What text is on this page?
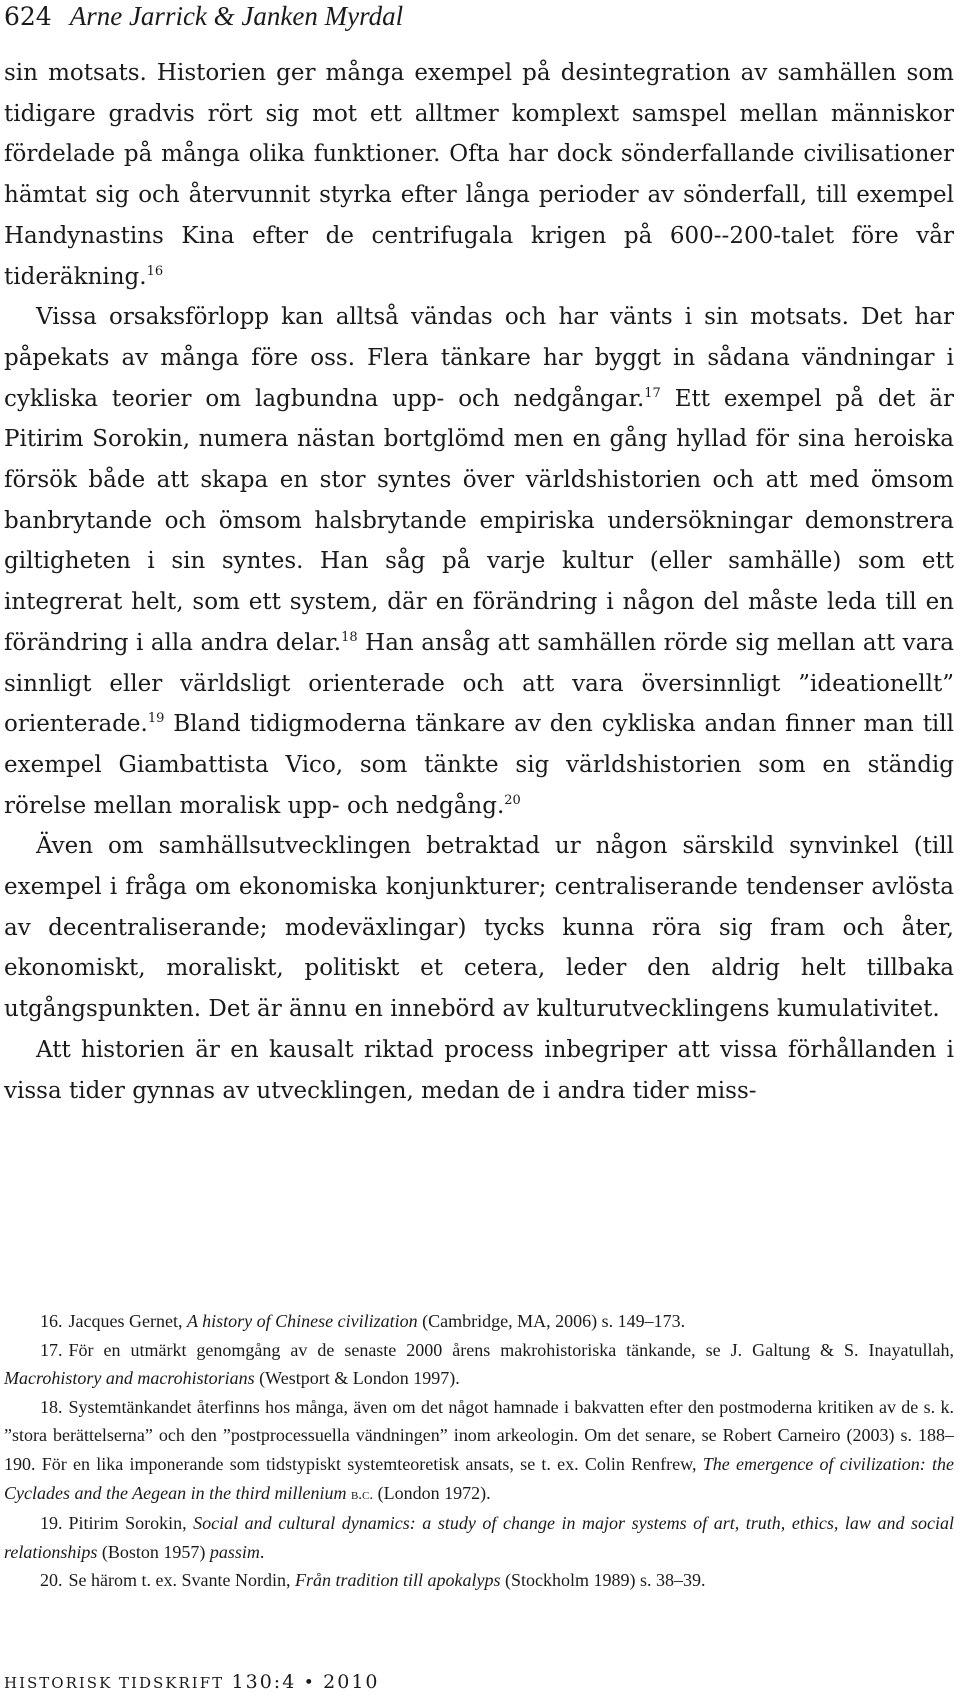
624 Arne Jarrick & Janken Myrdal

sin motsats. Historien ger många exempel på desintegration av samhällen som tidigare gradvis rört sig mot ett alltmer komplext samspel mellan människor fördelade på många olika funktioner. Ofta har dock sönderfallande civilisationer hämtat sig och återvunnit styrka efter långa perioder av sönderfall, till exempel Handynastins Kina efter de centrifugala krigen på 600--200-talet före vår tideräkning.$^{16}$

Vissa orsaksförlopp kan alltså vändas och har vänts i sin motsats. Det har påpekats av många före oss. Flera tänkare har byggt in sådana vändningar i cykliska teorier om lagbundna upp- och nedgångar.$^{17}$ Ett exempel på det är Pitirim Sorokin, numera nästan bortglömd men en gång hyllad för sina heroiska försök både att skapa en stor syntes över världshistorien och att med ömsom banbrytande och ömsom halsbrytande empiriska undersökningar demonstrera giltigheten i sin syntes. Han såg på varje kultur (eller samhälle) som ett integrerat helt, som ett system, där en förändring i någon del måste leda till en förändring i alla andra delar.$^{18}$ Han ansåg att samhällen rörde sig mellan att vara sinnligt eller världsligt orienterade och att vara översinnligt ”ideationellt” orienterade.$^{19}$ Bland tidigmoderna tänkare av den cykliska andan finner man till exempel Giambattista Vico, som tänkte sig världshistorien som en ständig rörelse mellan moralisk upp- och nedgång.$^{20}$

Även om samhällsutvecklingen betraktad ur någon särskild synvinkel (till exempel i fråga om ekonomiska konjunkturer; centraliserande tendenser avlösta av decentraliserande; modeväxlingar) tycks kunna röra sig fram och åter, ekonomiskt, moraliskt, politiskt et cetera, leder den aldrig helt tillbaka utgångspunkten. Det är ännu en innebörd av kulturutvecklingens kumulativitet.

Att historien är en kausalt riktad process inbegriper att vissa förhållanden i vissa tider gynnas av utvecklingen, medan de i andra tider miss-

16. Jacques Gernet, A history of Chinese civilization (Cambridge, MA, 2006) s. 149–173.

17. För en utmärkt genomgång av de senaste 2000 årens makrohistoriska tänkande, se J. Galtung & S. Inayatullah, Macrohistory and macrohistorians (Westport & London 1997).

18. Systemtänkandet återfinns hos många, även om det något hamnade i bakvatten efter den postmoderna kritiken av de s. k. ”stora berättelserna” och den ”postprocessuella vändningen” inom arkeologin. Om det senare, se Robert Carneiro (2003) s. 188–190. För en lika imponerande som tidstypiskt systemteoretisk ansats, se t. ex. Colin Renfrew, The emergence of civilization: the Cyclades and the Aegean in the third millenium b.c. (London 1972).

19. Pitirim Sorokin, Social and cultural dynamics: a study of change in major systems of art, truth, ethics, law and social relationships (Boston 1957) passim.

20. Se härom t. ex. Svante Nordin, Från tradition till apokalyps (Stockholm 1989) s. 38–39.

HISTORISK TIDSKRIFT 130:4 • 2010
